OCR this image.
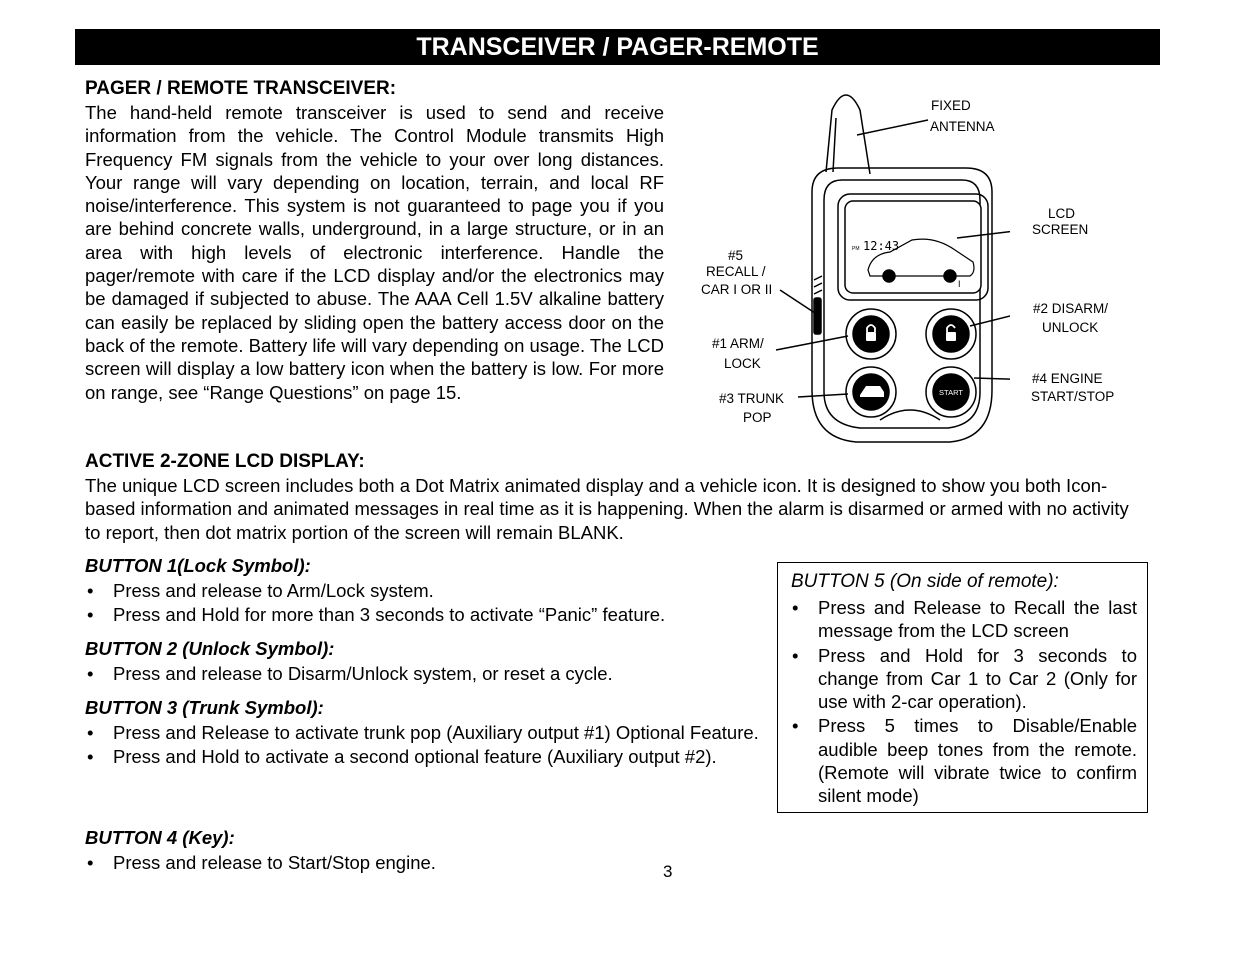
TRANSCEIVER / PAGER-REMOTE
PAGER / REMOTE TRANSCEIVER:
The hand-held remote transceiver is used to send and receive information from the vehicle. The Control Module transmits High Frequency FM signals from the vehicle to your over long distances. Your range will vary depending on location, terrain, and local RF noise/interference. This system is not guaranteed to page you if you are behind concrete walls, underground, in a large structure, or in an area with high levels of electronic interference. Handle the pager/remote with care if the LCD display and/or the electronics may be damaged if subjected to abuse. The AAA Cell 1.5V alkaline battery can easily be replaced by sliding open the battery access door on the back of the remote. Battery life will vary depending on usage. The LCD screen will display a low battery icon when the battery is low. For more on range, see “Range Questions” on page 15.	START
12:43
PM
I
FIXED
ANTENNA
LCD
SCREEN
#5
RECALL /
CAR I OR II
#2 DISARM/
UNLOCK
#1 ARM/
LOCK
#4 ENGINE
START/STOP
#3 TRUNK
POP
ACTIVE 2-ZONE LCD DISPLAY:
The unique LCD screen includes both a Dot Matrix animated display and a vehicle icon. It is designed to show you both Icon-based information and animated messages in real time as it is happening. When the alarm is disarmed or armed with no activity to report, then dot matrix portion of the screen will remain BLANK.
BUTTON 1(Lock Symbol):
• Press and release to Arm/Lock system.
• Press and Hold for more than 3 seconds to activate “Panic” feature.
BUTTON 2 (Unlock Symbol):
• Press and release to Disarm/Unlock system, or reset a cycle.
BUTTON 3 (Trunk Symbol):
• Press and Release to activate trunk pop (Auxiliary output #1) Optional Feature.
• Press and Hold to activate a second optional feature (Auxiliary output #2).
BUTTON 4 (Key):
• Press and release to Start/Stop engine.
BUTTON 5 (On side of remote):
• Press and Release to Recall the last message from the LCD screen
• Press and Hold for 3 seconds to change from Car 1 to Car 2 (Only for use with 2-car operation).
• Press 5 times to Disable/Enable audible beep tones from the remote. (Remote will vibrate twice to confirm silent mode)
3
